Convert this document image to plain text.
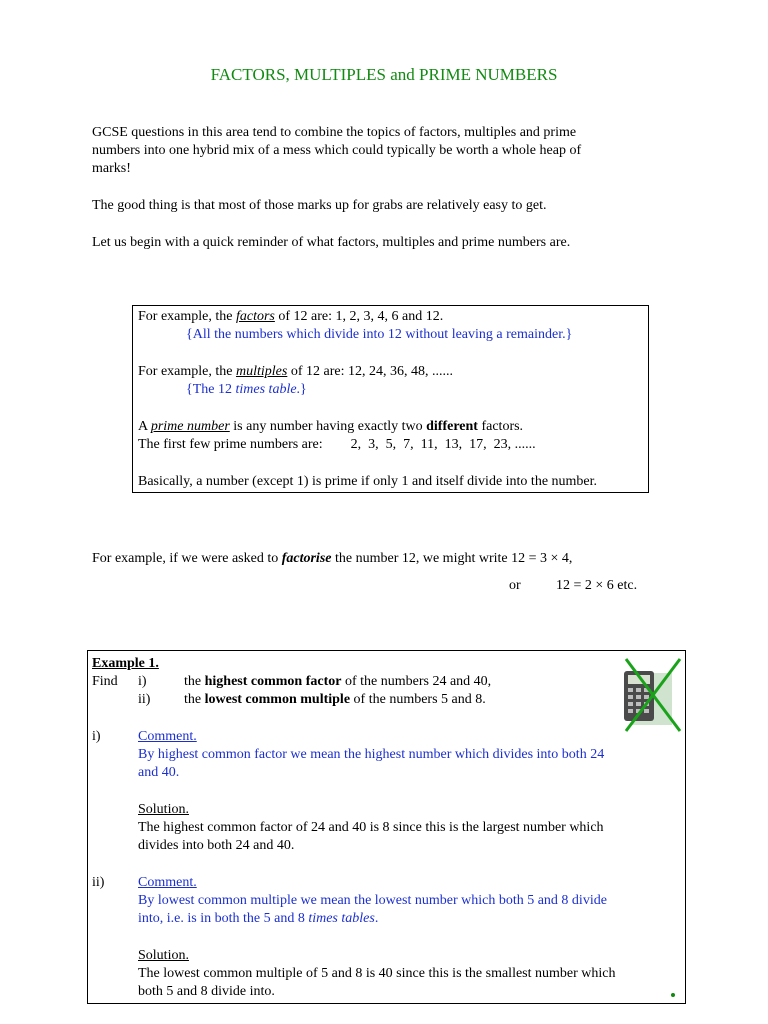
FACTORS, MULTIPLES and PRIME NUMBERS
GCSE questions in this area tend to combine the topics of factors, multiples and prime
numbers into one hybrid mix of a mess which could typically be worth a whole heap of
marks!
The good thing is that most of those marks up for grabs are relatively easy to get.
Let us begin with a quick reminder of what factors, multiples and prime numbers are.
For example, the factors of 12 are: 1, 2, 3, 4, 6 and 12.
{All the numbers which divide into 12 without leaving a remainder.}
For example, the multiples of 12 are: 12, 24, 36, 48, ......
{The 12 times table.}
A prime number is any number having exactly two different factors.
The first few prime numbers are:        2,  3,  5,  7,  11,  13,  17,  23, ......
Basically, a number (except 1) is prime if only 1 and itself divide into the number.
For example, if we were asked to factorise the number 12, we might write 12 = 3 × 4,
or	12 = 2 × 6 etc.
Example 1.
Find i)	the highest common factor of the numbers 24 and 40,
ii) the lowest common multiple of the numbers 5 and 8.
i)	Comment.
By highest common factor we mean the highest number which divides into both 24
and 40.
Solution.
The highest common factor of 24 and 40 is 8 since this is the largest number which
divides into both 24 and 40.
ii) Comment.
By lowest common multiple we mean the lowest number which both 5 and 8 divide
into, i.e. is in both the 5 and 8 times tables.
Solution.
The lowest common multiple of 5 and 8 is 40 since this is the smallest number which
both 5 and 8 divide into.
